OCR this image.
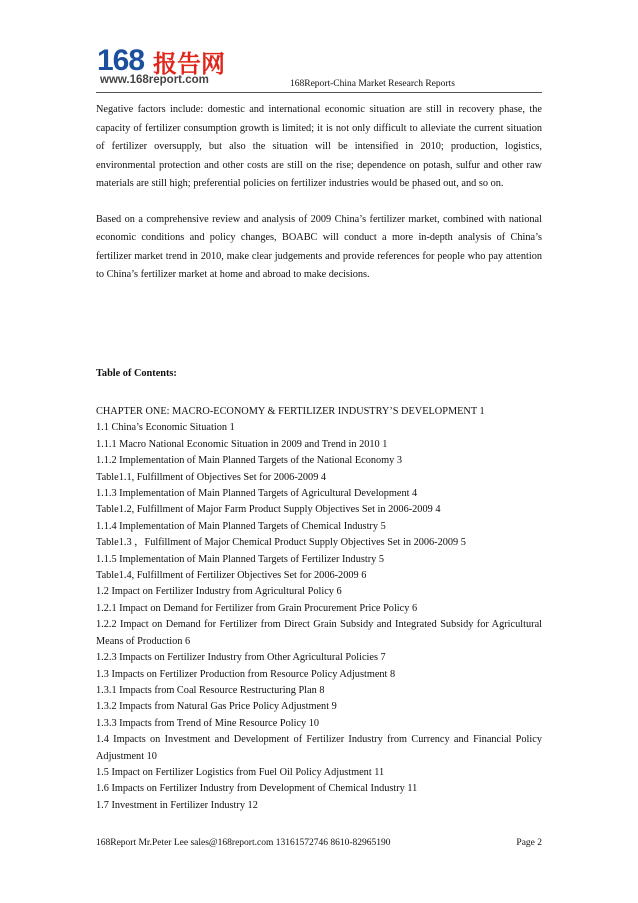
168 报告网
www.168report.com	168Report-China Market Research Reports

Negative factors include: domestic and international economic situation are still in recovery phase, the capacity of fertilizer consumption growth is limited; it is not only difficult to alleviate the current situation of fertilizer oversupply, but also the situation will be intensified in 2010; production, logistics, environmental protection and other costs are still on the rise; dependence on potash, sulfur and other raw materials are still high; preferential policies on fertilizer industries would be phased out, and so on.

Based on a comprehensive review and analysis of 2009 China’s fertilizer market, combined with national economic conditions and policy changes, BOABC will conduct a more in-depth analysis of China’s fertilizer market trend in 2010, make clear judgements and provide references for people who pay attention to China’s fertilizer market at home and abroad to make decisions.

Table of Contents:
CHAPTER ONE: MACRO-ECONOMY & FERTILIZER INDUSTRY’S DEVELOPMENT 1
1.1 China’s Economic Situation 1
1.1.1 Macro National Economic Situation in 2009 and Trend in 2010 1
1.1.2 Implementation of Main Planned Targets of the National Economy 3
Table1.1, Fulfillment of Objectives Set for 2006-2009 4
1.1.3 Implementation of Main Planned Targets of Agricultural Development 4
Table1.2, Fulfillment of Major Farm Product Supply Objectives Set in 2006-2009 4
1.1.4 Implementation of Main Planned Targets of Chemical Industry 5
Table1.3 ，Fulfillment of Major Chemical Product Supply Objectives Set in 2006-2009 5
1.1.5 Implementation of Main Planned Targets of Fertilizer Industry 5
Table1.4, Fulfillment of Fertilizer Objectives Set for 2006-2009 6
1.2 Impact on Fertilizer Industry from Agricultural Policy 6
1.2.1 Impact on Demand for Fertilizer from Grain Procurement Price Policy 6
1.2.2 Impact on Demand for Fertilizer from Direct Grain Subsidy and Integrated Subsidy for Agricultural Means of Production 6
1.2.3 Impacts on Fertilizer Industry from Other Agricultural Policies 7
1.3 Impacts on Fertilizer Production from Resource Policy Adjustment 8
1.3.1 Impacts from Coal Resource Restructuring Plan 8
1.3.2 Impacts from Natural Gas Price Policy Adjustment 9
1.3.3 Impacts from Trend of Mine Resource Policy 10
1.4 Impacts on Investment and Development of Fertilizer Industry from Currency and Financial Policy Adjustment 10
1.5 Impact on Fertilizer Logistics from Fuel Oil Policy Adjustment 11
1.6 Impacts on Fertilizer Industry from Development of Chemical Industry 11
1.7 Investment in Fertilizer Industry 12
168Report Mr.Peter Lee sales@168report.com 13161572746 8610-82965190	Page 2
